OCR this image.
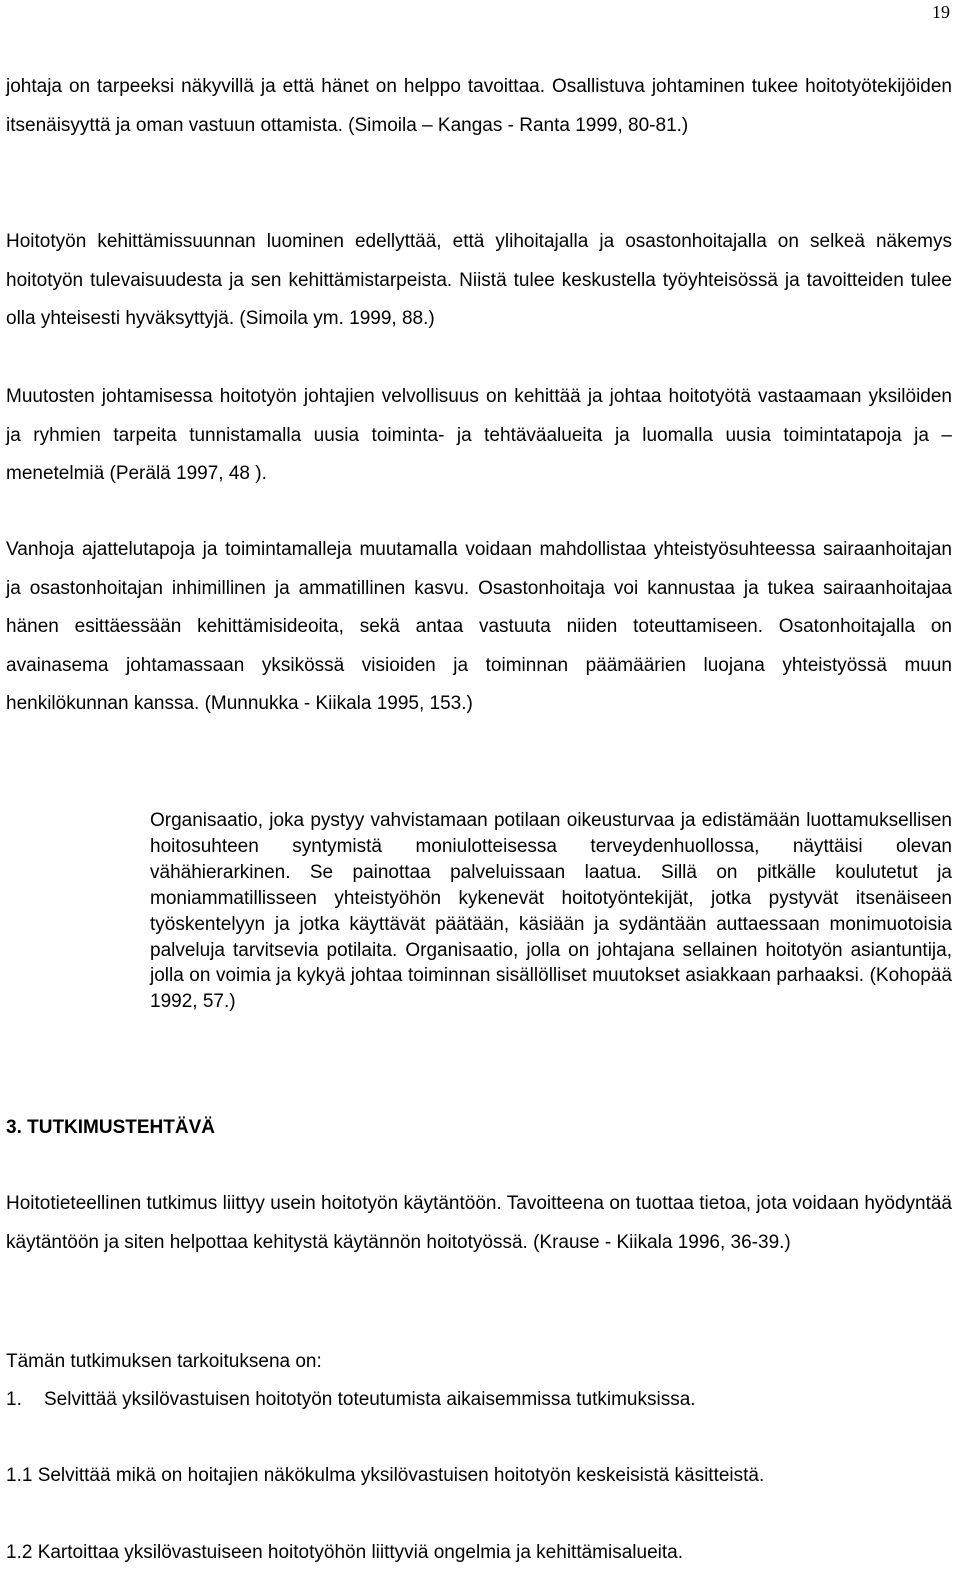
19

johtaja on tarpeeksi näkyvillä ja että hänet on helppo tavoittaa. Osallistuva johtaminen tukee hoitotyötekijöiden itsenäisyyttä ja oman vastuun ottamista. (Simoila – Kangas - Ranta 1999, 80-81.)

Hoitotyön kehittämissuunnan luominen edellyttää, että ylihoitajalla ja osastonhoitajalla on selkeä näkemys hoitotyön tulevaisuudesta ja sen kehittämistarpeista. Niistä tulee keskustella työyhteisössä ja tavoitteiden tulee olla yhteisesti hyväksyttyjä. (Simoila ym. 1999, 88.)

Muutosten johtamisessa hoitotyön johtajien velvollisuus on kehittää ja johtaa hoitotyötä vastaamaan yksilöiden ja ryhmien tarpeita tunnistamalla uusia toiminta- ja tehtäväalueita ja luomalla uusia toimintatapoja ja –menetelmiä (Perälä 1997, 48 ).

Vanhoja ajattelutapoja ja toimintamalleja muutamalla voidaan mahdollistaa yhteistyösuhteessa sairaanhoitajan ja osastonhoitajan inhimillinen ja ammatillinen kasvu. Osastonhoitaja voi kannustaa ja tukea sairaanhoitajaa hänen esittäessään kehittämisideoita, sekä antaa vastuuta niiden toteuttamiseen. Osatonhoitajalla on avainasema johtamassaan yksikössä visioiden ja toiminnan päämäärien luojana yhteistyössä muun henkilökunnan kanssa. (Munnukka - Kiikala 1995, 153.)

Organisaatio, joka pystyy vahvistamaan potilaan oikeusturvaa ja edistämään luottamuksellisen hoitosuhteen syntymistä moniulotteisessa terveydenhuollossa, näyttäisi olevan vähähierarkinen. Se painottaa palveluissaan laatua. Sillä on pitkälle koulutetut ja moniammatillisseen yhteistyöhön kykenevät hoitotyöntekijät, jotka pystyvät itsenäiseen työskentelyyn ja jotka käyttävät päätään, käsiään ja sydäntään auttaessaan monimuotoisia palveluja tarvitsevia potilaita. Organisaatio, jolla on johtajana sellainen hoitotyön asiantuntija, jolla on voimia ja kykyä johtaa toiminnan sisällölliset muutokset asiakkaan parhaaksi. (Kohopää 1992, 57.)

3. TUTKIMUSTEHTÄVÄ

Hoitotieteellinen tutkimus liittyy usein hoitotyön käytäntöön. Tavoitteena on tuottaa tietoa, jota voidaan hyödyntää käytäntöön ja siten helpottaa kehitystä käytännön hoitotyössä. (Krause - Kiikala 1996, 36-39.)

Tämän tutkimuksen tarkoituksena on:

1. Selvittää yksilövastuisen hoitotyön toteutumista aikaisemmissa tutkimuksissa.

1.1 Selvittää mikä on hoitajien näkökulma yksilövastuisen hoitotyön keskeisistä käsitteistä.

1.2 Kartoittaa yksilövastuiseen hoitotyöhön liittyviä ongelmia ja kehittämisalueita.
